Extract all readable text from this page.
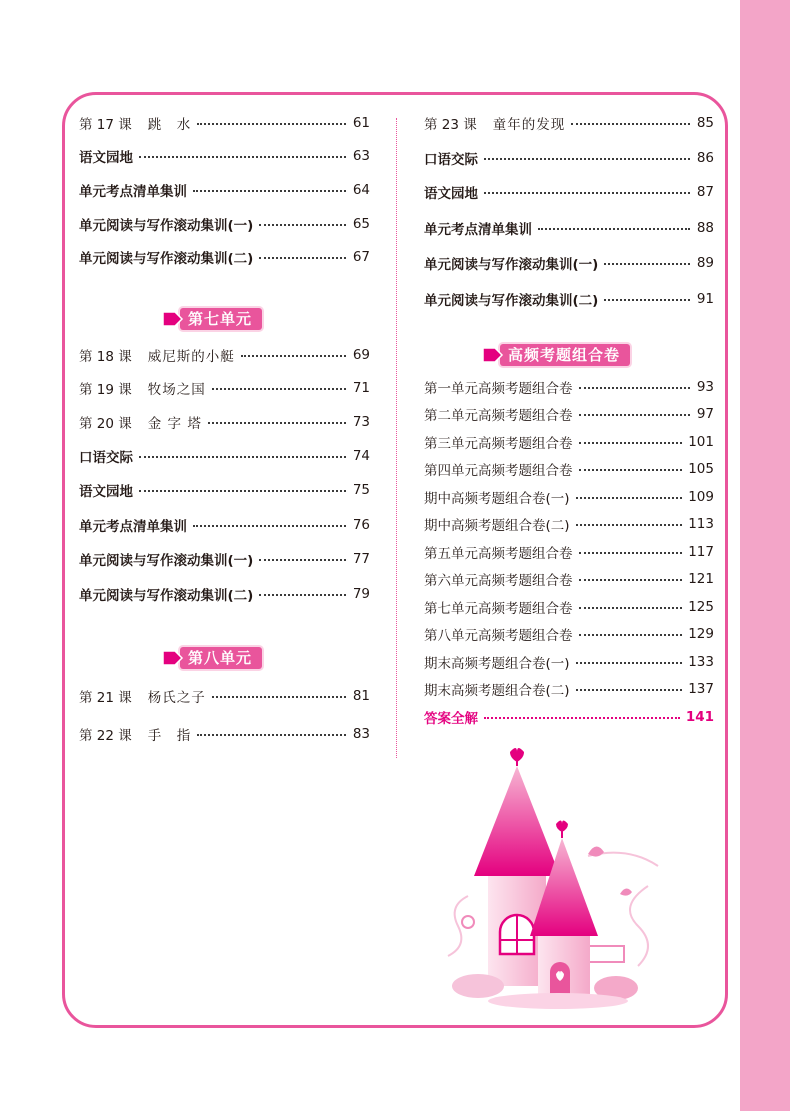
第 17 课 跳　水	61
语文园地	63
单元考点清单集训	64
单元阅读与写作滚动集训(一)	65
单元阅读与写作滚动集训(二)	67
第七单元
第 18 课 威尼斯的小艇	69
第 19 课 牧场之国	71
第 20 课 金 字 塔	73
口语交际	74
语文园地	75
单元考点清单集训	76
单元阅读与写作滚动集训(一)	77
单元阅读与写作滚动集训(二)	79
第八单元
第 21 课 杨氏之子	81
第 22 课 手　指	83
第 23 课 童年的发现	85
口语交际	86
语文园地	87
单元考点清单集训	88
单元阅读与写作滚动集训(一)	89
单元阅读与写作滚动集训(二)	91
高频考题组合卷
第一单元高频考题组合卷	93
第二单元高频考题组合卷	97
第三单元高频考题组合卷	101
第四单元高频考题组合卷	105
期中高频考题组合卷(一)	109
期中高频考题组合卷(二)	113
第五单元高频考题组合卷	117
第六单元高频考题组合卷	121
第七单元高频考题组合卷	125
第八单元高频考题组合卷	129
期末高频考题组合卷(一)	133
期末高频考题组合卷(二)	137
答案全解	141
